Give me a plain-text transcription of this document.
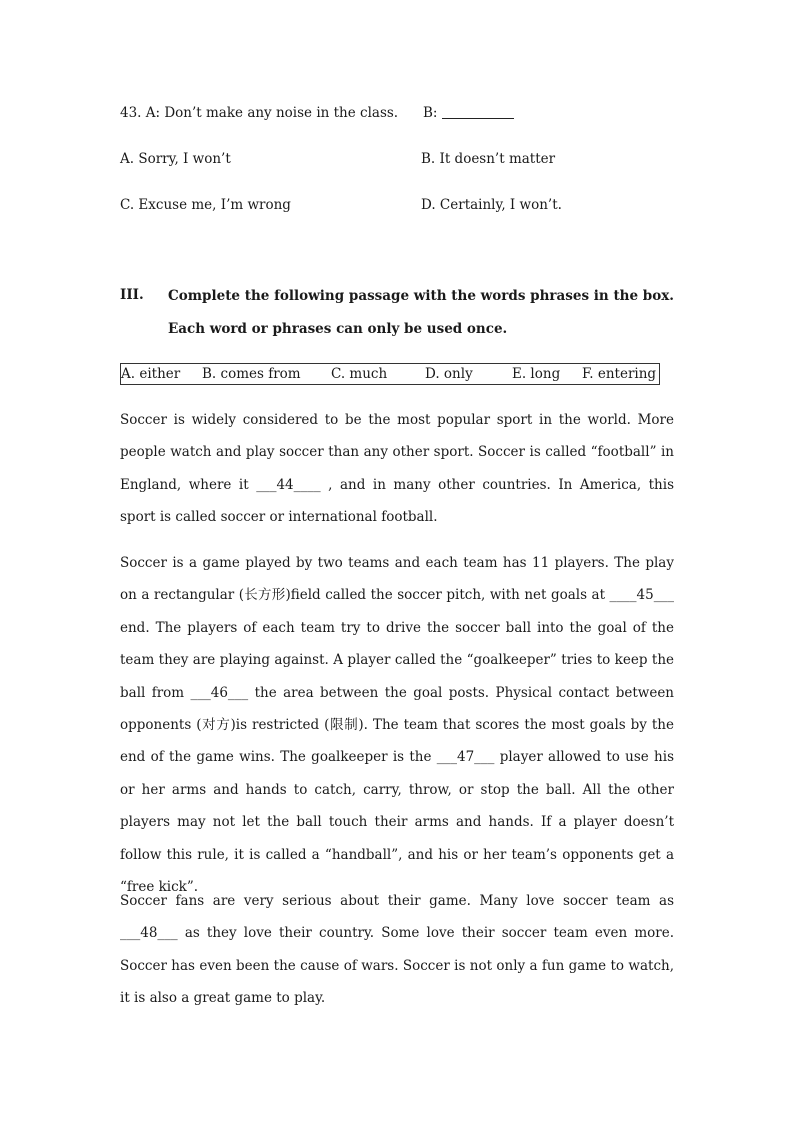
43. A: Don’t make any noise in the class. B:
A. Sorry, I won’t	B. It doesn’t matter
C. Excuse me, I’m wrong	D. Certainly, I won’t.
III. Complete the following passage with the words phrases in the box. Each word or phrases can only be used once.
A. either B. comes from C. much	D. only	E. long F. entering
Soccer is widely considered to be the most popular sport in the world. More people watch and play soccer than any other sport. Soccer is called “football” in England, where it ___44____ , and in many other countries. In America, this sport is called soccer or international football.
Soccer is a game played by two teams and each team has 11 players. The play on a rectangular (长方形)field called the soccer pitch, with net goals at ____45___ end. The players of each team try to drive the soccer ball into the goal of the team they are playing against. A player called the “goalkeeper” tries to keep the ball from ___46___ the area between the goal posts. Physical contact between opponents (对方)is restricted (限制). The team that scores the most goals by the end of the game wins. The goalkeeper is the ___47___ player allowed to use his or her arms and hands to catch, carry, throw, or stop the ball. All the other players may not let the ball touch their arms and hands. If a player doesn’t follow this rule, it is called a “handball”, and his or her team’s opponents get a “free kick”.
Soccer fans are very serious about their game. Many love soccer team as ___48___ as they love their country. Some love their soccer team even more. Soccer has even been the cause of wars. Soccer is not only a fun game to watch, it is also a great game to play.
